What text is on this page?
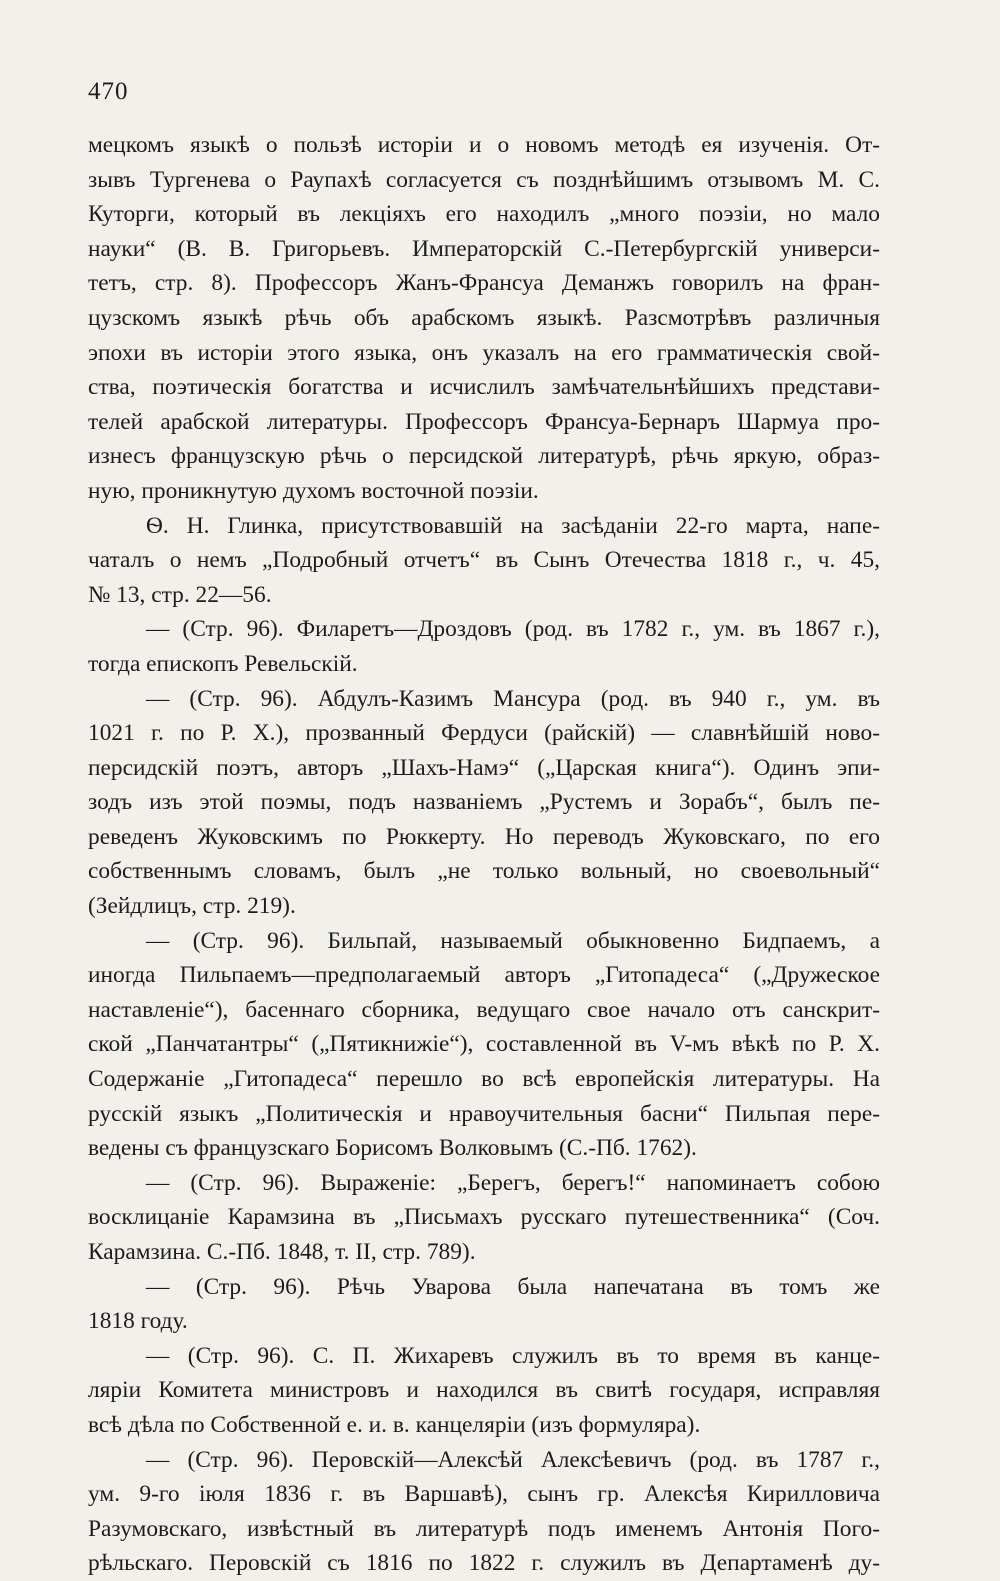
470
мецкомъ языкѣ о пользѣ исторіи и о новомъ методѣ ея изученія. От-
зывъ Тургенева о Раупахѣ согласуется съ позднѣйшимъ отзывомъ М. С.
Куторги, который въ лекціяхъ его находилъ „много поэзіи, но мало
науки“ (В. В. Григорьевъ. Императорскій С.-Петербургскій универси-
тетъ, стр. 8). Профессоръ Жанъ-Франсуа Деманжъ говорилъ на фран-
цузскомъ языкѣ рѣчь объ арабскомъ языкѣ. Разсмотрѣвъ различныя
эпохи въ исторіи этого языка, онъ указалъ на его грамматическія свой-
ства, поэтическія богатства и исчислилъ замѣчательнѣйшихъ представи-
телей арабской литературы. Профессоръ Франсуа-Бернаръ Шармуа про-
изнесъ французскую рѣчь о персидской литературѣ, рѣчь яркую, образ-
ную, проникнутую духомъ восточной поэзіи.
Ѳ. Н. Глинка, присутствовавшій на засѣданіи 22-го марта, напе-
чаталъ о немъ „Подробный отчетъ“ въ Сынъ Отечества 1818 г., ч. 45,
№ 13, стр. 22—56.
— (Стр. 96). Филаретъ—Дроздовъ (род. въ 1782 г., ум. въ 1867 г.),
тогда епископъ Ревельскій.
— (Стр. 96). Абдулъ-Казимъ Мансура (род. въ 940 г., ум. въ
1021 г. по Р. Х.), прозванный Фердуси (райскій) — славнѣйшій ново-
персидскій поэтъ, авторъ „Шахъ-Намэ“ („Царская книга“). Одинъ эпи-
зодъ изъ этой поэмы, подъ названіемъ „Рустемъ и Зорабъ“, былъ пе-
реведенъ Жуковскимъ по Рюккерту. Но переводъ Жуковскаго, по его
собственнымъ словамъ, былъ „не только вольный, но своевольный“
(Зейдлицъ, стр. 219).
— (Стр. 96). Бильпай, называемый обыкновенно Бидпаемъ, а
иногда Пильпаемъ—предполагаемый авторъ „Гитопадеса“ („Дружеское
наставленіе“), басеннаго сборника, ведущаго свое начало отъ санскрит-
ской „Панчатантры“ („Пятикнижіе“), составленной въ V-мъ вѣкѣ по Р. Х.
Содержаніе „Гитопадеса“ перешло во всѣ европейскія литературы. На
русскій языкъ „Политическія и нравоучительныя басни“ Пильпая пере-
ведены съ французскаго Борисомъ Волковымъ (С.-Пб. 1762).
— (Стр. 96). Выраженіе: „Берегъ, берегъ!“ напоминаетъ собою
восклицаніе Карамзина въ „Письмахъ русскаго путешественника“ (Соч.
Карамзина. С.-Пб. 1848, т. II, стр. 789).
— (Стр. 96). Рѣчь Уварова была напечатана въ томъ же
1818 году.
— (Стр. 96). С. П. Жихаревъ служилъ въ то время въ канце-
ляріи Комитета министровъ и находился въ свитѣ государя, исправляя
всѣ дѣла по Собственной е. и. в. канцеляріи (изъ формуляра).
— (Стр. 96). Перовскій—Алексѣй Алексѣевичъ (род. въ 1787 г.,
ум. 9-го іюля 1836 г. въ Варшавѣ), сынъ гр. Алексѣя Кирилловича
Разумовскаго, извѣстный въ литературѣ подъ именемъ Антонія Пого-
рѣльскаго. Перовскій съ 1816 по 1822 г. служилъ въ Департаменѣ ду-
